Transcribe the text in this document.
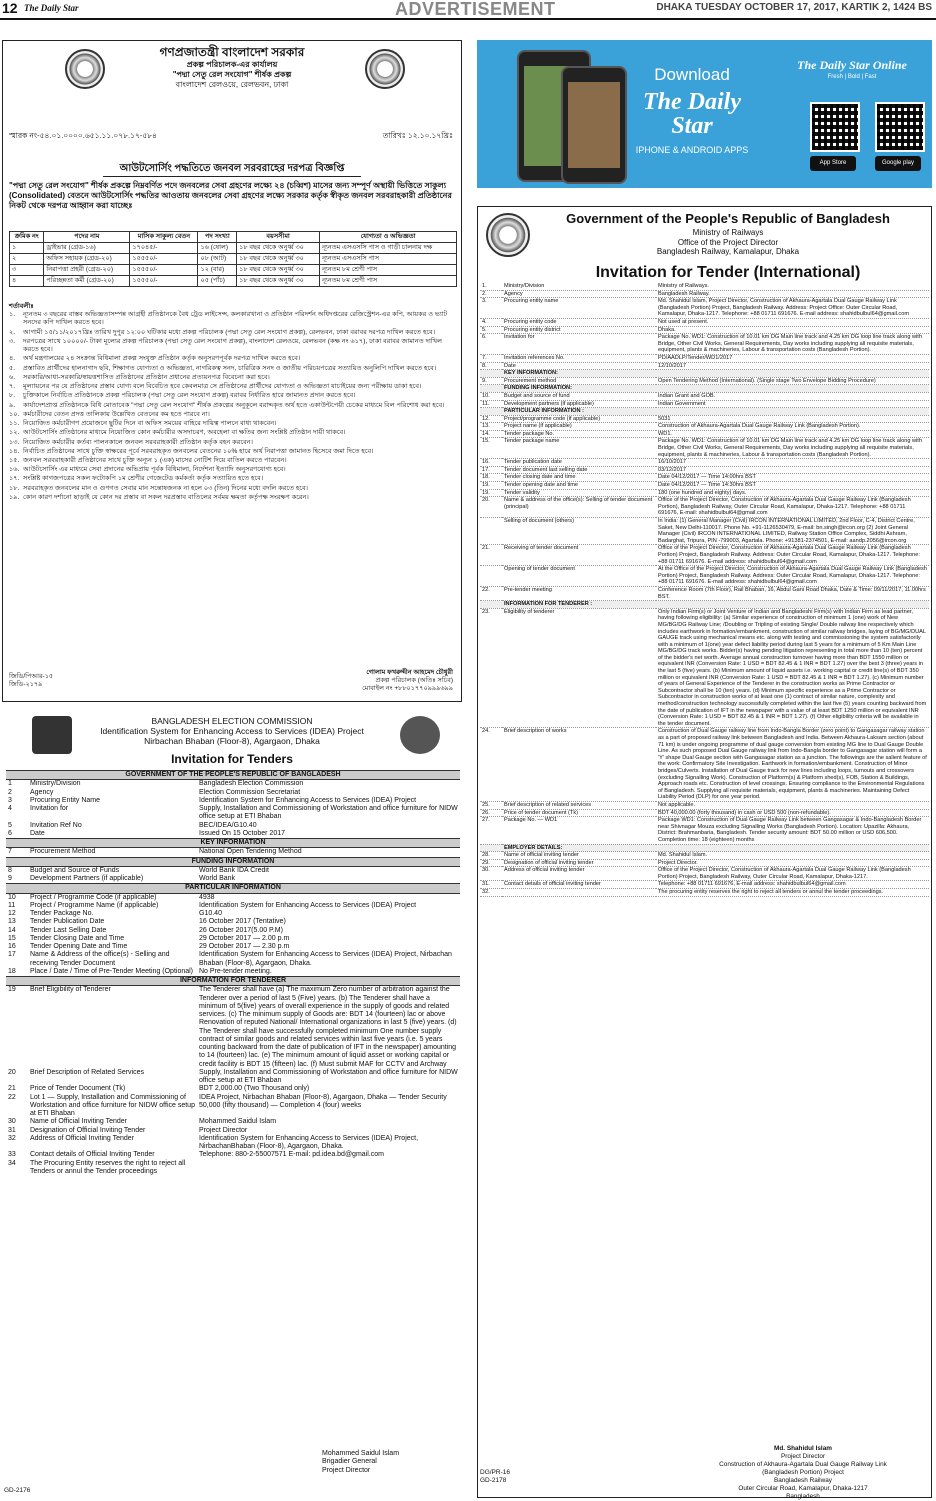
12 The Daily Star	ADVERTISEMENT	DHAKA TUESDAY OCTOBER 17, 2017, KARTIK 2, 1424 BS
গণপ্রজাতন্ত্রী বাংলাদেশ সরকার
প্রকল্প পরিচালক-এর কার্যালয়
"পদ্মা সেতু রেল সংযোগ" শীর্ষক প্রকল্প
বাংলাদেশ রেলওয়ে, রেলভবন, ঢাকা
স্মারক নং-৫৪.০১.০০০০.৬৫১.১১.০৭৮.১৭-৫৮৪	তারিখঃ ১২.১০.১৭খ্রিঃ
আউটসোর্সিং পদ্ধতিতে জনবল সরবরাহের দরপত্র বিজ্ঞপ্তি
"পদ্মা সেতু রেল সংযোগ" শীর্ষক প্রকল্পে নিম্নবর্ণিত পদে জনবলের সেবা গ্রহণের লক্ষ্যে ২৪ (চব্বিশ) মাসের জন্য সম্পূর্ণ অস্থায়ী ভিত্তিতে সাকুল্য (Consolidated) বেতনে আউটসোর্সিং পদ্ধতির আওতায় জনবলের সেবা গ্রহণের লক্ষ্যে সরকার কর্তৃক স্বীকৃত জনবল সরবরাহকারী প্রতিষ্ঠানের নিকট থেকে দরপত্র আহ্বান করা যাচ্ছেঃ
ক্রমিক নং	পদের নাম	মাসিক সাকুল্য বেতন	পদ সংখ্যা	বয়সসীমা	যোগ্যতা ও অভিজ্ঞতা
১	ড্রাইভার (গ্রেড-১৬)	১৭০৪৫/-	১৬ (ষোল)	১৮ বছর থেকে অনুর্ধ্ব ৩০	ন্যূনতম এসএসসি পাস ও গাড়ী চালনায় দক্ষ
২	অফিস সহায়ক (গ্রেড-২০)	১৫৫৫০/-	০৮ (আট)	১৮ বছর থেকে অনুর্ধ্ব ৩০	ন্যূনতম এসএসসি পাস
৩	নিরাপত্তা প্রহরী (গ্রেড-২০)	১৫৫৫০/-	১২ (বার)	১৮ বছর থেকে অনুর্ধ্ব ৩০	ন্যূনতম ৮ম শ্রেণী পাস
৪	পরিচ্ছন্নতা কর্মী (গ্রেড-২০)	১৫৫৫০/-	০৫ (পাঁচ)	১৮ বছর থেকে অনুর্ধ্ব ৩০	ন্যূনতম ৮ম শ্রেণী পাস
শর্তাবলীঃ
১.	ন্যূনতম ৩ বছরের বাস্তব অভিজ্ঞতাসম্পন্ন আগ্রহী প্রতিষ্ঠানকে বৈধ ট্রেড লাইসেন্স, কলকারখানা ও প্রতিষ্ঠান পরিদর্শন অধিদপ্তরের রেজিস্ট্রেশন-এর কপি, আয়কর ও ভ্যাট সনদের কপি দাখিল করতে হবে।
২.	আগামী ১৫/১১/২০১৭খ্রিঃ তারিখ দুপুর ১২:০০ ঘটিকার মধ্যে প্রকল্প পরিচালক (পদ্মা সেতু রেল সংযোগ প্রকল্প), রেলভবন, ঢাকা বরাবর দরপত্র দাখিল করতে হবে।
৩.	দরপত্রের সাথে ১০০০০/- টাকা মূল্যের প্রকল্প পরিচালক (পদ্মা সেতু রেল সংযোগ প্রকল্প), বাংলাদেশ রেলওয়ে, রেলভবন (কক্ষ নং ৬১৭), ঢাকা বরাবর জামানত দাখিল করতে হবে।
৪.	অর্থ মন্ত্রণালয়ের ২৪ সংক্রান্ত বিধিমালা প্রকল্প সংযুক্ত প্রতিষ্ঠান কর্তৃক অনুসরণপূর্বক দরপত্র দাখিল করতে হবে।
৫.	প্রস্তাবিত প্রার্থীদের হালনাগাদ ছবি, শিক্ষাগত যোগ্যতা ও অভিজ্ঞতা, নাগরিকত্ব সনদ, চারিত্রিক সনদ ও জাতীয় পরিচয়পত্রের সত্যায়িত অনুলিপি দাখিল করতে হবে।
৬.	সরকারি/আধা-সরকারি/স্বায়ত্তশাসিত প্রতিষ্ঠানের প্রতিষ্ঠান প্রধানের প্রত্যয়নপত্র বিবেচনা করা হবে।
৭.	মূল্যায়নের পর যে প্রতিষ্ঠানের প্রস্তাব যোগ্য বলে বিবেচিত হবে কেবলমাত্র সে প্রতিষ্ঠানের প্রার্থীদের যোগ্যতা ও অভিজ্ঞতা যাচাইয়ের জন্য পরীক্ষায় ডাকা হবে।
৮.	চুক্তিকালে নির্বাচিত প্রতিষ্ঠানকে প্রকল্প পরিচালক (পদ্মা সেতু রেল সংযোগ প্রকল্প) বরাবর নির্ধারিত হারে জামানত প্রদান করতে হবে।
৯.	কার্যাদেশপ্রাপ্ত প্রতিষ্ঠানকে বিধি মোতাবেক "পদ্মা সেতু রেল সংযোগ" শীর্ষক প্রকল্পের অনুকূলে বরাদ্দকৃত অর্থ হতে একাউন্টপেয়ী চেকের মাধ্যমে বিল পরিশোধ করা হবে।
১০. কর্মচারীদের বেতন প্রদত্ত তালিকায় উল্লেখিত বেতনের কম হতে পারবে না।
১১. নিয়োজিত কর্মচারীগণ প্রয়োজনে ছুটির দিনে বা অফিস সময়ের বাহিরে দায়িত্ব পালনে বাধ্য থাকবেন।
১২. আউটসোর্সিং প্রতিষ্ঠানের মাধ্যমে নিয়োজিত কোন কর্মচারীর অসদাচরণ, অবহেলা বা ক্ষতির জন্য সংশ্লিষ্ট প্রতিষ্ঠান দায়ী থাকবে।
১৩. নিয়োজিত কর্মচারীর কর্তব্য পালনকালে জনবল সরবরাহকারী প্রতিষ্ঠান কর্তৃক বহন করবেন।
১৪. নির্বাচিত প্রতিষ্ঠানের সাথে চুক্তি স্বাক্ষরের পূর্বে সরবরাহকৃত জনবলের বেতনের ১০% হারে অর্থ নিরাপত্তা জামানত হিসেবে জমা দিতে হবে।
১৫. জনবল সরবরাহকারী প্রতিষ্ঠানের সাথে চুক্তি অন্যূন ১ (এক) মাসের নোটিশ দিয়ে বাতিল করতে পারবেন।
১৬. আউটসোর্সিং এর মাধ্যমে সেবা প্রদানের অভিপ্রায় পূর্বক বিধিমালা, নির্দেশনা ইত্যাদি অনুসরণযোগ্য হবে।
১৭. সংশ্লিষ্ট কাগজপত্রের সকল ফটোকপি ১ম শ্রেণীর গেজেটেড কর্মকর্তা কর্তৃক সত্যায়িত হতে হবে।
১৮. সরবরাহকৃত জনবলের মান ও গুণগত সেবার মান সন্তোষজনক না হলে ০৩ (তিন) দিনের মধ্যে বদলি করতে হবে।
১৯. কোন কারণ দর্শানো ছাড়াই যে কোন দর প্রস্তাব বা সকল দরপ্রস্তাব বাতিলের সর্বময় ক্ষমতা কর্তৃপক্ষ সংরক্ষণ করেন।
জিডি/পিআর-১৫
জিডি-২১৭৯
গোলাম ফখরুদ্দীন আহমেদ চৌধুরী
প্রকল্প পরিচালক (অতিঃ সচিব)
মোবাইল নং +৮৮০১৭৭০৯৯৯৬৯৯
Download
The Daily Star
IPHONE & ANDROID APPS
The Daily Star Online
Fresh | Bold | Fast
App Store	Google play
Government of the People's Republic of Bangladesh
Ministry of Railways
Office of the Project Director
Bangladesh Railway, Kamalapur, Dhaka
Invitation for Tender (International)
1.	Ministry/Division	Ministry of Railways.
2.	Agency	Bangladesh Railway.
3.	Procuring entity name	Md. Shahidul Islam, Project Director, Construction of Akhaura-Agartala Dual Gauge Railway Link (Bangladesh Portion) Project, Bangladesh Railway. Address: Project Office: Outer Circular Road, Kamalapur, Dhaka-1217. Telephone: +88 01711 691676. E-mail address: shahidbulbul64@gmail.com
4.	Procuring entity code	Not used at present.
5.	Procuring entity district	Dhaka.
6.	Invitation for	Package No. WD1: Construction of 10.01 km DG Main line track and 4.25 km DG loop line track along with Bridge, Other Civil Works, General Requirements, Day works including supplying all requisite materials, equipment, plants & machineries, Labour & transportation costs (Bangladesh Portion).
7.	Invitation references No.	PD/AADLP/Tender/WD1/2017
8.	Date	12/10/2017
	KEY INFORMATION:	
9.	Procurement method	Open Tendering Method (International). (Single stage Two Envelope Bidding Procedure)
	FUNDING INFORMATION:	
10.	Budget and source of fund	Indian Grant and GOB.
11.	Development partners (if applicable)	Indian Government
	PARTICULAR INFORMATION :	
12.	Project/programme code (if applicable)	5031
13.	Project name (if applicable)	Construction of Akhaura-Agartala Dual Gauge Railway Link (Bangladesh Portion).
14.	Tender package No.	WD1.
15.	Tender package name	Package No. WD1: Construction of 10.01 km DG Main line track and 4.25 km DG loop line track along with Bridge, Other Civil Works, General Requirements, Day works including supplying all requisite materials, equipment, plants & machineries, Labour & transportation costs (Bangladesh Portion).
16.	Tender publication date	16/10/2017
17.	Tender document last selling date	03/12/2017
18.	Tender closing date and time	Date 04/12/2017 — Time 14:00hrs BST
19.	Tender opening date and time	Date 04/12/2017 — Time 14:30hrs BST
19.	Tender validity	180 (one hundred and eighty) days.
20.	Name & address of the office(s): Selling of tender document (principal)	Office of the Project Director, Construction of Akhaura-Agartala Dual Gauge Railway Link (Bangladesh Portion), Bangladesh Railway, Outer Circular Road, Kamalapur, Dhaka-1217. Telephone: +88 01711 691676, E-mail: shahidbulbul64@gmail.com
	Selling of document (others)	In India: (1) General Manager (Civil) IRCON INTERNATIONAL LIMITED, 2nd Floor, C-4, District Centre, Saket, New Delhi-110017. Phone No. +91-1126530479, E-mail: bn.singh@ircon.org (2) Joint General Manager (Civil) IRCON INTERNATIONAL LIMITED, Railway Station Office Complex, Siddhi Ashram, Badarghat, Tripura, PIN -799003, Agartala. Phone: +91381-2374501, E-mail: aandp.2056@ircon.org
21.	Receiving of tender document	Office of the Project Director, Construction of Akhaura-Agartala Dual Gauge Railway Link (Bangladesh Portion) Project, Bangladesh Railway. Address: Outer Circular Road, Kamalapur, Dhaka-1217. Telephone: +88 01711 691676. E-mail address: shahidbulbul64@gmail.com
	Opening of tender document	At the Office of the Project Director, Construction of Akhaura-Agartala Dual Gauge Railway Link (Bangladesh Portion) Project, Bangladesh Railway. Address: Outer Circular Road, Kamalapur, Dhaka-1217. Telephone: +88 01711 691676. E-mail address: shahidbulbul64@gmail.com
22.	Pre-tender meeting	Conference Room (7th Floor), Rail Bhaban, 16, Abdul Gani Road Dhaka, Date & Time: 09/11/2017, 11.00hrs BST.
	INFORMATION FOR TENDERER :	
23.	Eligibility of tenderer	Only Indian Firm(s) or Joint Venture of Indian and Bangladeshi Firm(s) with Indian Firm as lead partner, having following eligibility: (a) Similar experience of construction of minimum 1 (one) work of New MG/BG/DG Railway Line; /Doubling or Tripling of existing Single/ Double railway line respectively which includes earthwork in formation/embankment, construction of similar railway bridges, laying of BG/MG/DUAL GAUGE track using mechanical means etc. along with testing and commissioning the system satisfactorily with a minimum of 1(one) year defect liability period during last 5 years for a minimum of 5 Km Main Line MG/BG/DG track works. Bidder(s) having pending litigation representing in total more than 10 (ten) percent of the bidder's net worth. Average annual construction turnover having more than BDT 1550 million or equivalent INR (Conversion Rate: 1 USD = BDT 82.45 & 1 INR = BDT 1.27) over the best 3 (three) years in the last 5 (five) years. (b) Minimum amount of liquid assets i.e. working capital or credit line(s) of BDT 350 million or equivalent INR (Conversion Rate: 1 USD = BDT 82.45 & 1 INR = BDT 1.27). (c) Minimum number of years of General Experience of the Tenderer in the construction works as Prime Contractor or Subcontractor shall be 10 (ten) years. (d) Minimum specific experience as a Prime Contractor or Subcontractor in construction works of at least one (1) contract of similar nature, complexity and method/construction technology successfully completed within the last five (5) years counting backward from the date of publication of IFT in the newspaper with a value of at least BDT 1250 million or equivalent INR (Conversion Rate: 1 USD = BDT 82.45 & 1 INR = BDT 1.27). (f) Other eligibility criteria will be available in the tender document.
24.	Brief description of works	Construction of Dual Gauge railway line from Indo-Bangla Border (zero point) to Gangasagar railway station as a part of proposed railway link between Bangladesh and India. Between Akhaura-Laksam section (about 71 km) is under ongoing programme of dual gauge conversion from existing MG line to Dual Gauge Double Line. As such proposed Dual Gauge railway link from Indo-Bangla border to Gangasagar station will form a 'Y' shape Dual Gauge section with Gangasagar station as a junction. The followings are the salient feature of the work: Confirmatory Site Investigation. Earthwork in formation/embankment. Construction of Minor bridges/Culverts. Installation of Dual Gauge track for new lines including loops, turnouts and crossovers (excluding Signalling Work). Construction of Platform(s) & Platform shed(s), FOB, Station & Buildings, Approach roads etc. Construction of level crossings. Ensuring compliance to the Environmental Regulations of Bangladesh. Supplying all requisite materials, equipment, plants & machineries. Maintaining Defect Liability Period (DLP) for one year period.
25.	Brief description of related services	Not applicable.
26.	Price of tender document (Tk)	BDT 40,000.00 (forty thousand) in cash or USD 500 (non-refundable).
27.	Package No. — WD1	Package WD1: Construction of Dual Gauge Railway Link between Gangasagar & Indo-Bangladesh Border near Shivnagar Mouza excluding Signalling Works (Bangladesh Portion). Location: Upazilla: Akhaura, District: Brahmanbaria, Bangladesh. Tender security amount: BDT 50.00 million or USD 606,500. Completion time: 18 (eighteen) months
	EMPLOYER DETAILS:	
28.	Name of official inviting tender	Md. Shahidul Islam.
29.	Designation of official inviting tender	Project Director.
30.	Address of official inviting tender	Office of the Project Director, Construction of Akhaura-Agartala Dual Gauge Railway Link (Bangladesh Portion) Project, Bangladesh Railway, Outer Circular Road, Kamalapur, Dhaka-1217.
31.	Contact details of official inviting tender	Telephone: +88 01711 691676, E-mail address: shahidbulbul64@gmail.com
32.		The procuring entity reserves the right to reject all tenders or annul the tender proceedings.
DG/PR-16
GD-2178
Md. Shahidul Islam
Project Director
Construction of Akhaura-Agartala Dual Gauge Railway Link
(Bangladesh Portion) Project
Bangladesh Railway
Outer Circular Road, Kamalapur, Dhaka-1217
Bangladesh
BANGLADESH ELECTION COMMISSION
Identification System for Enhancing Access to Services (IDEA) Project
Nirbachan Bhaban (Floor-8), Agargaon, Dhaka
Invitation for Tenders
GOVERNMENT OF THE PEOPLE'S REPUBLIC OF BANGLADESH		
1	Ministry/Division	Bangladesh Election Commission
2	Agency	Election Commission Secretariat
3	Procuring Entity Name	Identification System for Enhancing Access to Services (IDEA) Project
4	Invitation for	Supply, Installation and Commissioning of Workstation and office furniture for NIDW office setup at ETI Bhaban
5	Invitation Ref No	BEC/IDEA/G10.40
6	Date	Issued On 15 October 2017
KEY INFORMATION		
7	Procurement Method	National Open Tendering Method
FUNDING INFORMATION		
8	Budget and Source of Funds	World Bank IDA Credit
9	Development Partners (if applicable)	World Bank
PARTICULAR INFORMATION		
10	Project / Programme Code (if applicable)	4938
11	Project / Programme Name (if applicable)	Identification System for Enhancing Access to Services (IDEA) Project
12	Tender Package No.	G10.40
13	Tender Publication Date	16 October 2017 (Tentative)
14	Tender Last Selling Date	26 October 2017(5.00 P.M)
15	Tender Closing Date and Time	29 October 2017 — 2.00 p.m
16	Tender Opening Date and Time	29 October 2017 — 2.30 p.m
17	Name & Address of the office(s) - Selling and receiving Tender Document	Identification System for Enhancing Access to Services (IDEA) Project, Nirbachan Bhaban (Floor-8), Agargaon, Dhaka.
18	Place / Date / Time of Pre-Tender Meeting (Optional)	No Pre-tender meeting.
INFORMATION FOR TENDERER		
19	Brief Eligibility of Tenderer	The Tenderer shall have (a) The maximum Zero number of arbitration against the Tenderer over a period of last 5 (Five) years. (b) The Tenderer shall have a minimum of 5(five) years of overall experience in the supply of goods and related services. (c) The minimum supply of Goods are: BDT 14 (fourteen) lac or above Renovation of reputed National/ International organizations in last 5 (five) years. (d) The Tenderer shall have successfully completed minimum One number supply contract of similar goods and related services within last five years (i.e. 5 years counting backward from the date of publication of IFT in the newspaper) amounting to 14 (fourteen) lac. (e) The minimum amount of liquid asset or working capital or credit facility is BDT 15 (fifteen) lac. (f) Must submit MAF for CCTV and Archway
20	Brief Description of Related Services	Supply, Installation and Commissioning of Workstation and office furniture for NIDW office setup at ETI Bhaban
21	Price of Tender Document (Tk)	BDT 2,000.00 (Two Thousand only)
22	Lot 1 — Supply, Installation and Commissioning of Workstation and office furniture for NIDW office setup at ETI Bhaban	IDEA Project, Nirbachan Bhaban (Floor-8), Agargaon, Dhaka — Tender Security 50,000 (fifty thousand) — Completion 4 (four) weeks
30	Name of Official Inviting Tender	Mohammed Saidul Islam
31	Designation of Official Inviting Tender	Project Director
32	Address of Official Inviting Tender	Identification System for Enhancing Access to Services (IDEA) Project, NirbachanBhaban (Floor-8), Agargaon, Dhaka.
33	Contact details of Official Inviting Tender	Telephone: 880-2-55007571 E-mail: pd.idea.bd@gmail.com
34	The Procuring Entity reserves the right to reject all Tenders or annul the Tender proceedings	
Mohammed Saidul Islam
Brigadier General
Project Director
GD-2176
